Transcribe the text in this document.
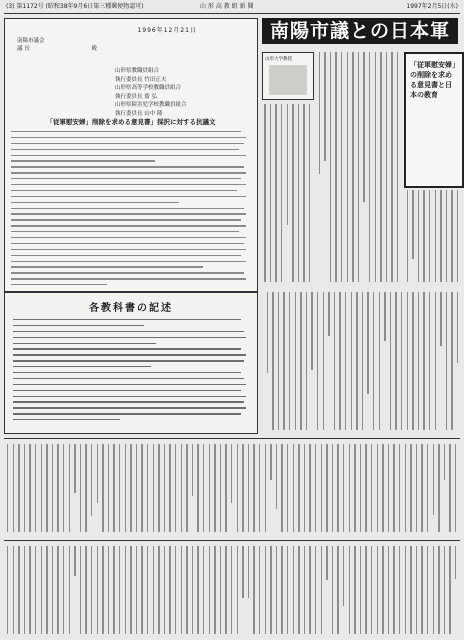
(3) 第1172号 (昭和38年9月6日第三種郵便物認可)	山 形 高 教 組 新 聞	1997年2月5日(水)
1996年12月21日
南陽市議会
議 長	殿
山形県教職員組合
執行委員長 竹田正夫
山形県高等学校教職員組合
執行委員長 齋 弘
山形県障害児学校教職員組合
執行委員長 山中 隆
「従軍慰安婦」削除を求める意見書」採択に対する抗議文
各教科書の記述
南陽市議との日本軍
山形大学教授
「従軍慰安婦」の削除を求める意見書と日本の教育
